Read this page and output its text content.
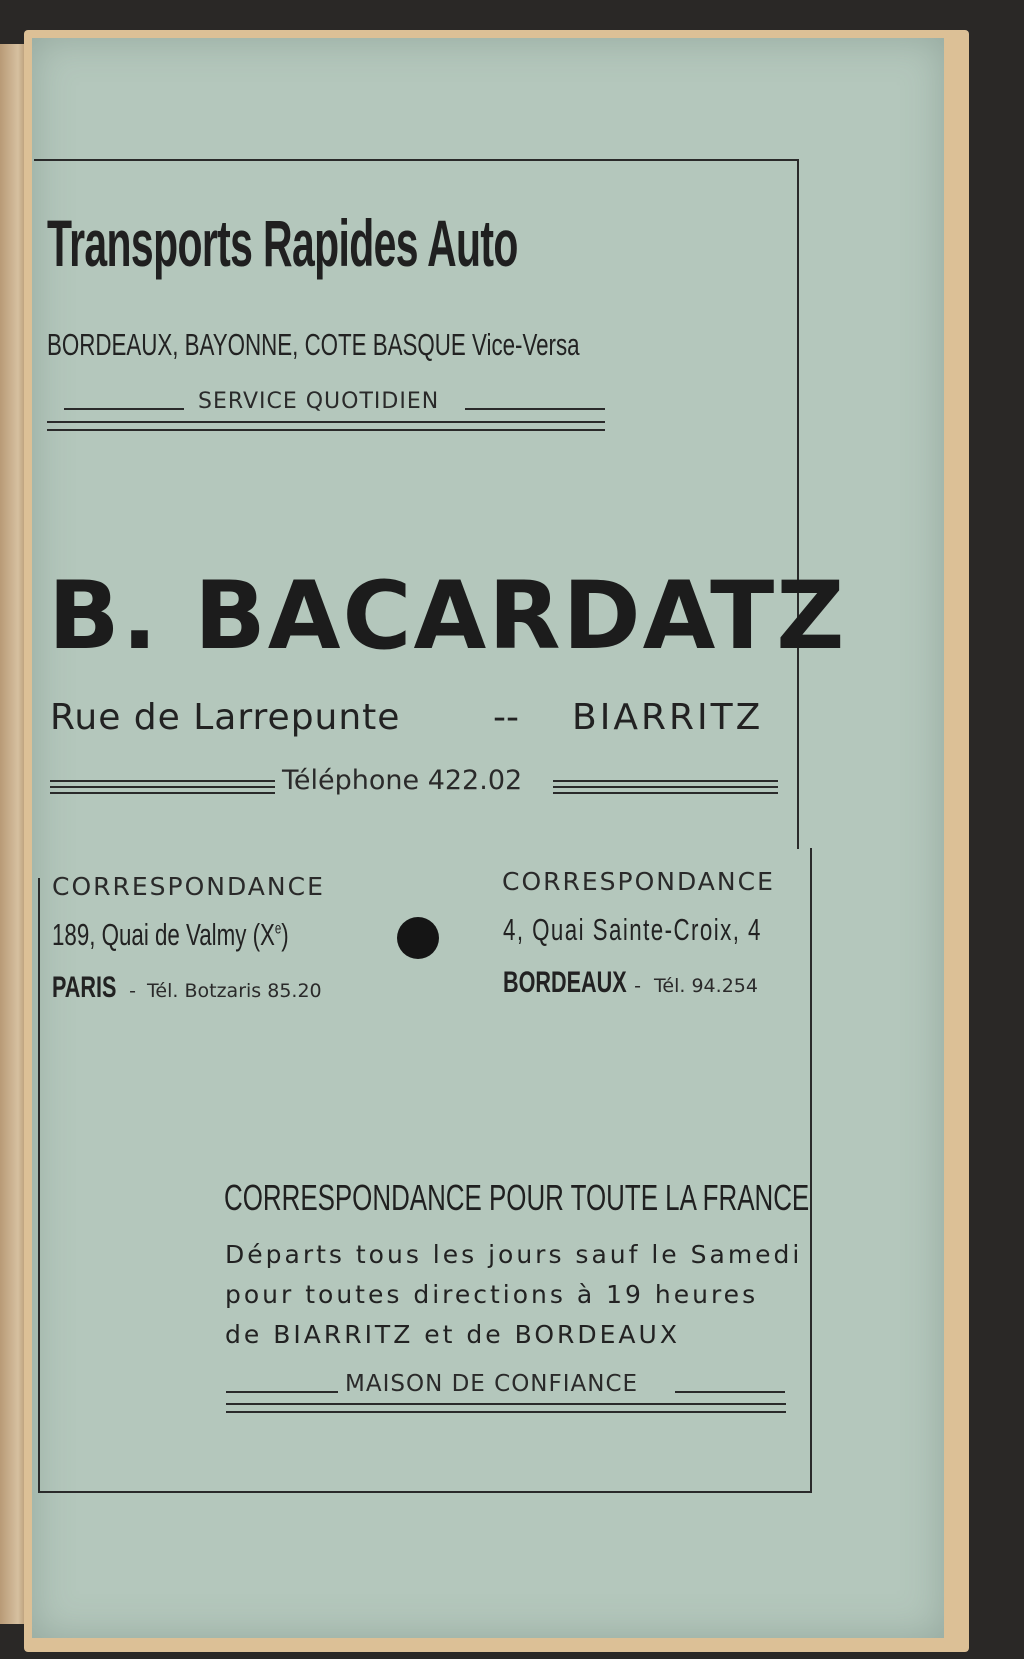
Transports Rapides Auto
BORDEAUX, BAYONNE, COTE BASQUE Vice-Versa
SERVICE QUOTIDIEN
B. BACARDATZ
Rue de Larrepunte	-- BIARRITZ
Téléphone 422.02
CORRESPONDANCE
189, Quai de Valmy (Xe)
PARIS - Tél. Botzaris 85.20
CORRESPONDANCE
4, Quai Sainte-Croix, 4
BORDEAUX - Tél. 94.254
CORRESPONDANCE POUR TOUTE LA FRANCE
Départs tous les jours sauf le Samedi
pour toutes directions à 19 heures
de BIARRITZ et de BORDEAUX
MAISON DE CONFIANCE
